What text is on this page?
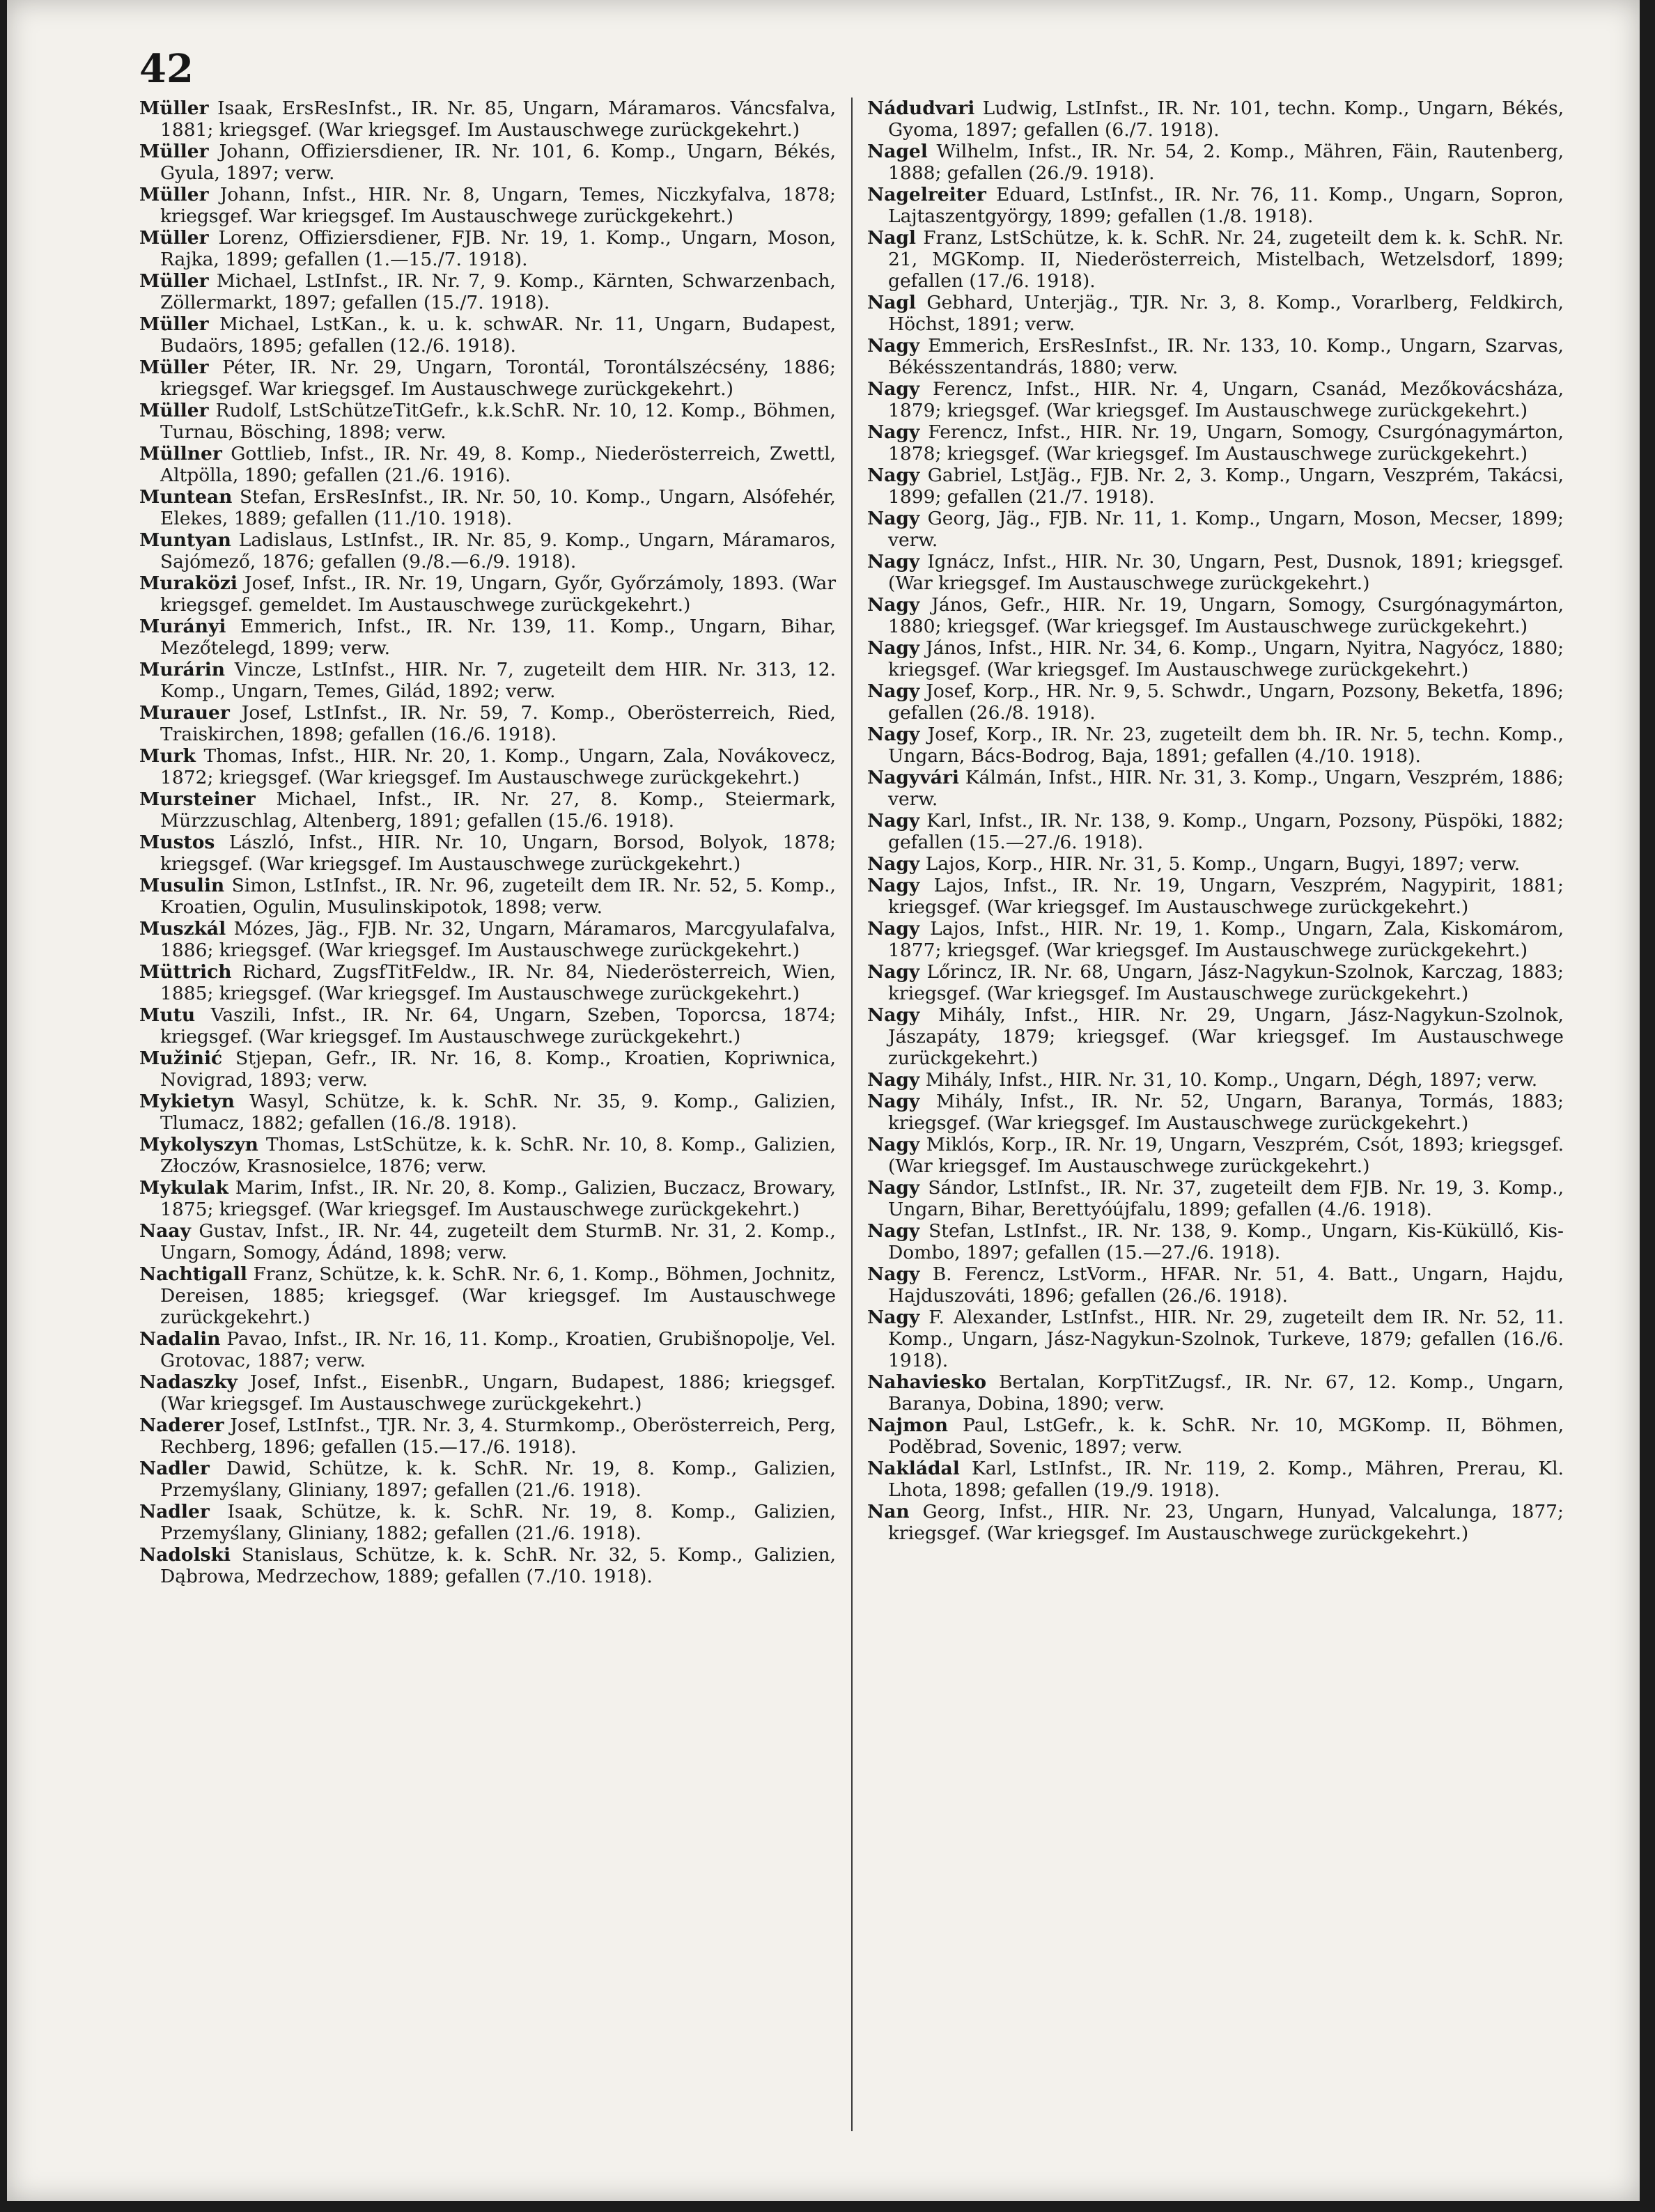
42
Müller Isaak, ErsResInfst., IR. Nr. 85, Ungarn, Máramaros. Váncsfalva, 1881; kriegsgef. (War kriegsgef. Im Austauschwege zurückgekehrt.)
Müller Johann, Offiziersdiener, IR. Nr. 101, 6. Komp., Ungarn, Békés, Gyula, 1897; verw.
Müller Johann, Infst., HIR. Nr. 8, Ungarn, Temes, Niczkyfalva, 1878; kriegsgef. War kriegsgef. Im Austauschwege zurückgekehrt.)
Müller Lorenz, Offiziersdiener, FJB. Nr. 19, 1. Komp., Ungarn, Moson, Rajka, 1899; gefallen (1.—15./7. 1918).
Müller Michael, LstInfst., IR. Nr. 7, 9. Komp., Kärnten, Schwarzenbach, Zöllermarkt, 1897; gefallen (15./7. 1918).
Müller Michael, LstKan., k. u. k. schwAR. Nr. 11, Ungarn, Budapest, Budaörs, 1895; gefallen (12./6. 1918).
Müller Péter, IR. Nr. 29, Ungarn, Torontál, Torontálszécsény, 1886; kriegsgef. War kriegsgef. Im Austauschwege zurückgekehrt.)
Müller Rudolf, LstSchützeTitGefr., k.k.SchR. Nr. 10, 12. Komp., Böhmen, Turnau, Bösching, 1898; verw.
Müllner Gottlieb, Infst., IR. Nr. 49, 8. Komp., Niederösterreich, Zwettl, Altpölla, 1890; gefallen (21./6. 1916).
Muntean Stefan, ErsResInfst., IR. Nr. 50, 10. Komp., Ungarn, Alsófehér, Elekes, 1889; gefallen (11./10. 1918).
Muntyan Ladislaus, LstInfst., IR. Nr. 85, 9. Komp., Ungarn, Máramaros, Sajómező, 1876; gefallen (9./8.—6./9. 1918).
Muraközi Josef, Infst., IR. Nr. 19, Ungarn, Győr, Győrzámoly, 1893. (War kriegsgef. gemeldet. Im Austauschwege zurückgekehrt.)
Murányi Emmerich, Infst., IR. Nr. 139, 11. Komp., Ungarn, Bihar, Mezőtelegd, 1899; verw.
Murárin Vincze, LstInfst., HIR. Nr. 7, zugeteilt dem HIR. Nr. 313, 12. Komp., Ungarn, Temes, Gilád, 1892; verw.
Murauer Josef, LstInfst., IR. Nr. 59, 7. Komp., Oberösterreich, Ried, Traiskirchen, 1898; gefallen (16./6. 1918).
Murk Thomas, Infst., HIR. Nr. 20, 1. Komp., Ungarn, Zala, Novákovecz, 1872; kriegsgef. (War kriegsgef. Im Austauschwege zurückgekehrt.)
Mursteiner Michael, Infst., IR. Nr. 27, 8. Komp., Steiermark, Mürzzuschlag, Altenberg, 1891; gefallen (15./6. 1918).
Mustos László, Infst., HIR. Nr. 10, Ungarn, Borsod, Bolyok, 1878; kriegsgef. (War kriegsgef. Im Austauschwege zurückgekehrt.)
Musulin Simon, LstInfst., IR. Nr. 96, zugeteilt dem IR. Nr. 52, 5. Komp., Kroatien, Ogulin, Musulinskipotok, 1898; verw.
Muszkál Mózes, Jäg., FJB. Nr. 32, Ungarn, Máramaros, Marcgyulafalva, 1886; kriegsgef. (War kriegsgef. Im Austauschwege zurückgekehrt.)
Müttrich Richard, ZugsfTitFeldw., IR. Nr. 84, Niederösterreich, Wien, 1885; kriegsgef. (War kriegsgef. Im Austauschwege zurückgekehrt.)
Mutu Vaszili, Infst., IR. Nr. 64, Ungarn, Szeben, Toporcsa, 1874; kriegsgef. (War kriegsgef. Im Austauschwege zurückgekehrt.)
Mužinić Stjepan, Gefr., IR. Nr. 16, 8. Komp., Kroatien, Kopriwnica, Novigrad, 1893; verw.
Mykietyn Wasyl, Schütze, k. k. SchR. Nr. 35, 9. Komp., Galizien, Tlumacz, 1882; gefallen (16./8. 1918).
Mykolyszyn Thomas, LstSchütze, k. k. SchR. Nr. 10, 8. Komp., Galizien, Złoczów, Krasnosielce, 1876; verw.
Mykulak Marim, Infst., IR. Nr. 20, 8. Komp., Galizien, Buczacz, Browary, 1875; kriegsgef. (War kriegsgef. Im Austauschwege zurückgekehrt.)
Naay Gustav, Infst., IR. Nr. 44, zugeteilt dem SturmB. Nr. 31, 2. Komp., Ungarn, Somogy, Ádánd, 1898; verw.
Nachtigall Franz, Schütze, k. k. SchR. Nr. 6, 1. Komp., Böhmen, Jochnitz, Dereisen, 1885; kriegsgef. (War kriegsgef. Im Austauschwege zurückgekehrt.)
Nadalin Pavao, Infst., IR. Nr. 16, 11. Komp., Kroatien, Grubišnopolje, Vel. Grotovac, 1887; verw.
Nadaszky Josef, Infst., EisenbR., Ungarn, Budapest, 1886; kriegsgef. (War kriegsgef. Im Austauschwege zurückgekehrt.)
Naderer Josef, LstInfst., TJR. Nr. 3, 4. Sturmkomp., Oberösterreich, Perg, Rechberg, 1896; gefallen (15.—17./6. 1918).
Nadler Dawid, Schütze, k. k. SchR. Nr. 19, 8. Komp., Galizien, Przemyślany, Gliniany, 1897; gefallen (21./6. 1918).
Nadler Isaak, Schütze, k. k. SchR. Nr. 19, 8. Komp., Galizien, Przemyślany, Gliniany, 1882; gefallen (21./6. 1918).
Nadolski Stanislaus, Schütze, k. k. SchR. Nr. 32, 5. Komp., Galizien, Dąbrowa, Medrzechow, 1889; gefallen (7./10. 1918).
Nádudvari Ludwig, LstInfst., IR. Nr. 101, techn. Komp., Ungarn, Békés, Gyoma, 1897; gefallen (6./7. 1918).
Nagel Wilhelm, Infst., IR. Nr. 54, 2. Komp., Mähren, Fäin, Rautenberg, 1888; gefallen (26./9. 1918).
Nagelreiter Eduard, LstInfst., IR. Nr. 76, 11. Komp., Ungarn, Sopron, Lajtaszentgyörgy, 1899; gefallen (1./8. 1918).
Nagl Franz, LstSchütze, k. k. SchR. Nr. 24, zugeteilt dem k. k. SchR. Nr. 21, MGKomp. II, Niederösterreich, Mistelbach, Wetzelsdorf, 1899; gefallen (17./6. 1918).
Nagl Gebhard, Unterjäg., TJR. Nr. 3, 8. Komp., Vorarlberg, Feldkirch, Höchst, 1891; verw.
Nagy Emmerich, ErsResInfst., IR. Nr. 133, 10. Komp., Ungarn, Szarvas, Békésszentandrás, 1880; verw.
Nagy Ferencz, Infst., HIR. Nr. 4, Ungarn, Csanád, Mezőkovácsháza, 1879; kriegsgef. (War kriegsgef. Im Austauschwege zurückgekehrt.)
Nagy Ferencz, Infst., HIR. Nr. 19, Ungarn, Somogy, Csurgónagymárton, 1878; kriegsgef. (War kriegsgef. Im Austauschwege zurückgekehrt.)
Nagy Gabriel, LstJäg., FJB. Nr. 2, 3. Komp., Ungarn, Veszprém, Takácsi, 1899; gefallen (21./7. 1918).
Nagy Georg, Jäg., FJB. Nr. 11, 1. Komp., Ungarn, Moson, Mecser, 1899; verw.
Nagy Ignácz, Infst., HIR. Nr. 30, Ungarn, Pest, Dusnok, 1891; kriegsgef. (War kriegsgef. Im Austauschwege zurückgekehrt.)
Nagy János, Gefr., HIR. Nr. 19, Ungarn, Somogy, Csurgónagymárton, 1880; kriegsgef. (War kriegsgef. Im Austauschwege zurückgekehrt.)
Nagy János, Infst., HIR. Nr. 34, 6. Komp., Ungarn, Nyitra, Nagyócz, 1880; kriegsgef. (War kriegsgef. Im Austauschwege zurückgekehrt.)
Nagy Josef, Korp., HR. Nr. 9, 5. Schwdr., Ungarn, Pozsony, Beketfa, 1896; gefallen (26./8. 1918).
Nagy Josef, Korp., IR. Nr. 23, zugeteilt dem bh. IR. Nr. 5, techn. Komp., Ungarn, Bács-Bodrog, Baja, 1891; gefallen (4./10. 1918).
Nagyvári Kálmán, Infst., HIR. Nr. 31, 3. Komp., Ungarn, Veszprém, 1886; verw.
Nagy Karl, Infst., IR. Nr. 138, 9. Komp., Ungarn, Pozsony, Püspöki, 1882; gefallen (15.—27./6. 1918).
Nagy Lajos, Korp., HIR. Nr. 31, 5. Komp., Ungarn, Bugyi, 1897; verw.
Nagy Lajos, Infst., IR. Nr. 19, Ungarn, Veszprém, Nagypirit, 1881; kriegsgef. (War kriegsgef. Im Austauschwege zurückgekehrt.)
Nagy Lajos, Infst., HIR. Nr. 19, 1. Komp., Ungarn, Zala, Kiskomárom, 1877; kriegsgef. (War kriegsgef. Im Austauschwege zurückgekehrt.)
Nagy Lőrincz, IR. Nr. 68, Ungarn, Jász-Nagykun-Szolnok, Karczag, 1883; kriegsgef. (War kriegsgef. Im Austauschwege zurückgekehrt.)
Nagy Mihály, Infst., HIR. Nr. 29, Ungarn, Jász-Nagykun-Szolnok, Jászapáty, 1879; kriegsgef. (War kriegsgef. Im Austauschwege zurückgekehrt.)
Nagy Mihály, Infst., HIR. Nr. 31, 10. Komp., Ungarn, Dégh, 1897; verw.
Nagy Mihály, Infst., IR. Nr. 52, Ungarn, Baranya, Tormás, 1883; kriegsgef. (War kriegsgef. Im Austauschwege zurückgekehrt.)
Nagy Miklós, Korp., IR. Nr. 19, Ungarn, Veszprém, Csót, 1893; kriegsgef. (War kriegsgef. Im Austauschwege zurückgekehrt.)
Nagy Sándor, LstInfst., IR. Nr. 37, zugeteilt dem FJB. Nr. 19, 3. Komp., Ungarn, Bihar, Berettyóújfalu, 1899; gefallen (4./6. 1918).
Nagy Stefan, LstInfst., IR. Nr. 138, 9. Komp., Ungarn, Kis-Küküllő, Kis-Dombo, 1897; gefallen (15.—27./6. 1918).
Nagy B. Ferencz, LstVorm., HFAR. Nr. 51, 4. Batt., Ungarn, Hajdu, Hajduszováti, 1896; gefallen (26./6. 1918).
Nagy F. Alexander, LstInfst., HIR. Nr. 29, zugeteilt dem IR. Nr. 52, 11. Komp., Ungarn, Jász-Nagykun-Szolnok, Turkeve, 1879; gefallen (16./6. 1918).
Nahaviesko Bertalan, KorpTitZugsf., IR. Nr. 67, 12. Komp., Ungarn, Baranya, Dobina, 1890; verw.
Najmon Paul, LstGefr., k. k. SchR. Nr. 10, MGKomp. II, Böhmen, Poděbrad, Sovenic, 1897; verw.
Nakládal Karl, LstInfst., IR. Nr. 119, 2. Komp., Mähren, Prerau, Kl. Lhota, 1898; gefallen (19./9. 1918).
Nan Georg, Infst., HIR. Nr. 23, Ungarn, Hunyad, Valcalunga, 1877; kriegsgef. (War kriegsgef. Im Austauschwege zurückgekehrt.)
